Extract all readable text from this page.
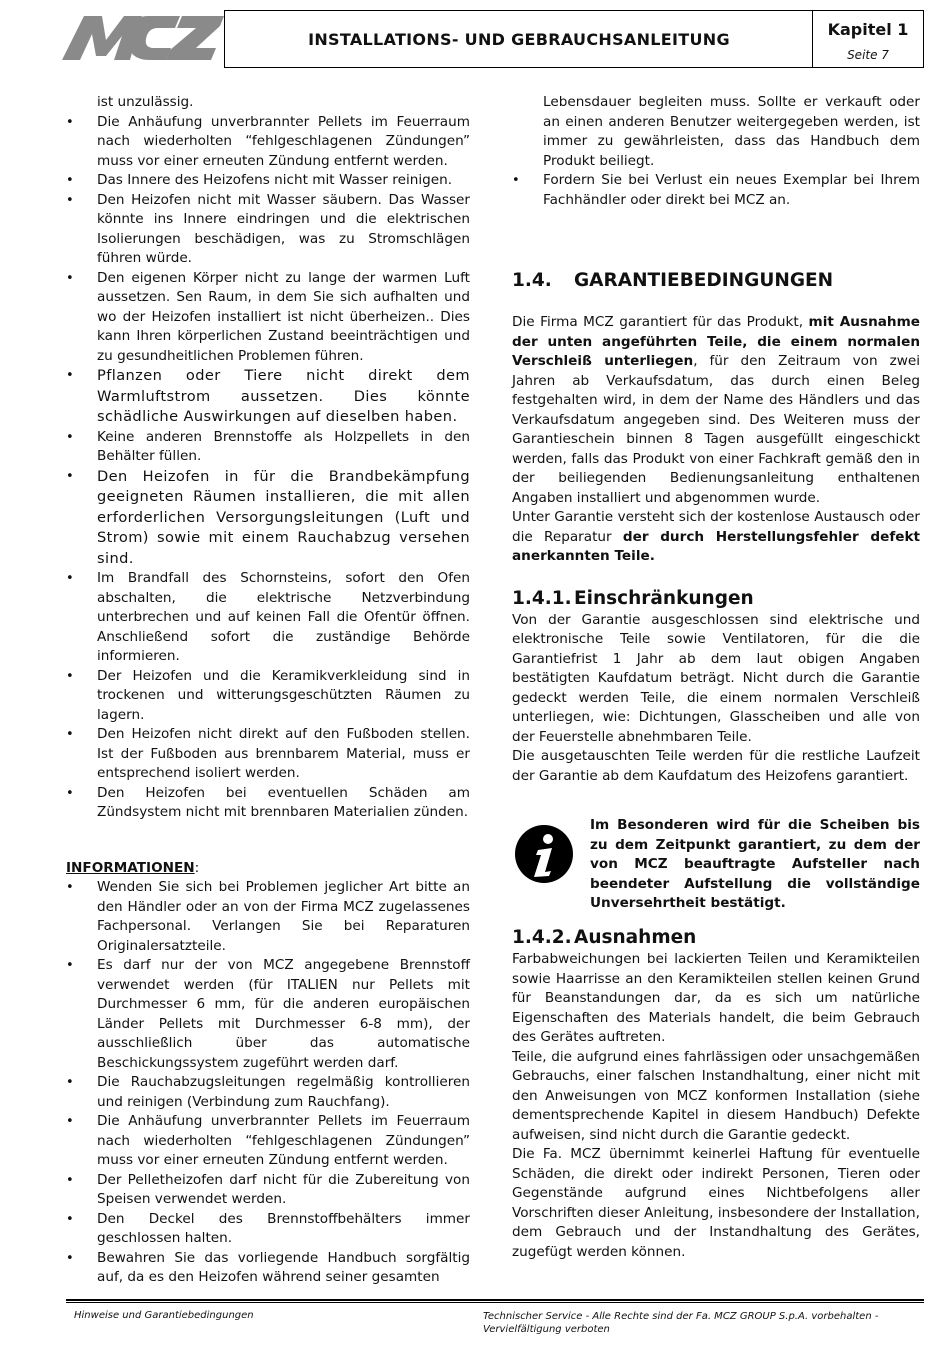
INSTALLATIONS- UND GEBRAUCHSANLEITUNG
Kapitel 1
Seite 7

ist unzulässig.

• Die Anhäufung unverbrannter Pellets im Feuerraum nach wiederholten “fehlgeschlagenen Zündungen” muss vor einer erneuten Zündung entfernt werden.
• Das Innere des Heizofens nicht mit Wasser reinigen.
• Den Heizofen nicht mit Wasser säubern. Das Wasser könnte ins Innere eindringen und die elektrischen Isolierungen beschädigen, was zu Stromschlägen führen würde.
• Den eigenen Körper nicht zu lange der warmen Luft aussetzen. Sen Raum, in dem Sie sich aufhalten und wo der Heizofen installiert ist nicht überheizen.. Dies kann Ihren körperlichen Zustand beeinträchtigen und zu gesundheitlichen Problemen führen.
• Pflanzen oder Tiere nicht direkt dem Warmluftstrom aussetzen. Dies könnte schädliche Auswirkungen auf dieselben haben.
• Keine anderen Brennstoffe als Holzpellets in den Behälter füllen.
• Den Heizofen in für die Brandbekämpfung geeigneten Räumen installieren, die mit allen erforderlichen Versorgungsleitungen (Luft und Strom) sowie mit einem Rauchabzug versehen sind.
• Im Brandfall des Schornsteins, sofort den Ofen abschalten, die elektrische Netzverbindung unterbrechen und auf keinen Fall die Ofentür öffnen. Anschließend sofort die zuständige Behörde informieren.
• Der Heizofen und die Keramikverkleidung sind in trockenen und witterungsgeschützten Räumen zu lagern.
• Den Heizofen nicht direkt auf den Fußboden stellen. Ist der Fußboden aus brennbarem Material, muss er entsprechend isoliert werden.
• Den Heizofen bei eventuellen Schäden am Zündsystem nicht mit brennbaren Materialien zünden.

INFORMATIONEN:

• Wenden Sie sich bei Problemen jeglicher Art bitte an den Händler oder an von der Firma MCZ zugelassenes Fachpersonal. Verlangen Sie bei Reparaturen Originalersatzteile.
• Es darf nur der von MCZ angegebene Brennstoff verwendet werden (für ITALIEN nur Pellets mit Durchmesser 6 mm, für die anderen europäischen Länder Pellets mit Durchmesser 6-8 mm), der ausschließlich über das automatische Beschickungssystem zugeführt werden darf.
• Die Rauchabzugsleitungen regelmäßig kontrollieren und reinigen (Verbindung zum Rauchfang).
• Die Anhäufung unverbrannter Pellets im Feuerraum nach wiederholten “fehlgeschlagenen Zündungen” muss vor einer erneuten Zündung entfernt werden.
• Der Pelletheizofen darf nicht für die Zubereitung von Speisen verwendet werden.
• Den Deckel des Brennstoffbehälters immer geschlossen halten.
• Bewahren Sie das vorliegende Handbuch sorgfältig auf, da es den Heizofen während seiner gesamten

Lebensdauer begleiten muss. Sollte er verkauft oder an einen anderen Benutzer weitergegeben werden, ist immer zu gewährleisten, dass das Handbuch dem Produkt beiliegt.

• Fordern Sie bei Verlust ein neues Exemplar bei Ihrem Fachhändler oder direkt bei MCZ an.
1.4. GARANTIEBEDINGUNGEN

Die Firma MCZ garantiert für das Produkt, mit Ausnahme der unten angeführten Teile, die einem normalen Verschleiß unterliegen, für den Zeitraum von zwei Jahren ab Verkaufsdatum, das durch einen Beleg festgehalten wird, in dem der Name des Händlers und das Verkaufsdatum angegeben sind. Des Weiteren muss der Garantieschein binnen 8 Tagen ausgefüllt eingeschickt werden, falls das Produkt von einer Fachkraft gemäß den in der beiliegenden Bedienungsanleitung enthaltenen Angaben installiert und abgenommen wurde.

Unter Garantie versteht sich der kostenlose Austausch oder die Reparatur der durch Herstellungsfehler defekt anerkannten Teile.

1.4.1. Einschränkungen

Von der Garantie ausgeschlossen sind elektrische und elektronische Teile sowie Ventilatoren, für die die Garantiefrist 1 Jahr ab dem laut obigen Angaben bestätigten Kaufdatum beträgt. Nicht durch die Garantie gedeckt werden Teile, die einem normalen Verschleiß unterliegen, wie: Dichtungen, Glasscheiben und alle von der Feuerstelle abnehmbaren Teile.

Die ausgetauschten Teile werden für die restliche Laufzeit der Garantie ab dem Kaufdatum des Heizofens garantiert.

Im Besonderen wird für die Scheiben bis zu dem Zeitpunkt garantiert, zu dem der von MCZ beauftragte Aufsteller nach beendeter Aufstellung die vollständige Unversehrtheit bestätigt.
1.4.2. Ausnahmen

Farbabweichungen bei lackierten Teilen und Keramikteilen sowie Haarrisse an den Keramikteilen stellen keinen Grund für Beanstandungen dar, da es sich um natürliche Eigenschaften des Materials handelt, die beim Gebrauch des Gerätes auftreten.

Teile, die aufgrund eines fahrlässigen oder unsachgemäßen Gebrauchs, einer falschen Instandhaltung, einer nicht mit den Anweisungen von MCZ konformen Installation (siehe dementsprechende Kapitel in diesem Handbuch) Defekte aufweisen, sind nicht durch die Garantie gedeckt.

Die Fa. MCZ übernimmt keinerlei Haftung für eventuelle Schäden, die direkt oder indirekt Personen, Tieren oder Gegenstände aufgrund eines Nichtbefolgens aller Vorschriften dieser Anleitung, insbesondere der Installation, dem Gebrauch und der Instandhaltung des Gerätes, zugefügt werden können.

Hinweise und Garantiebedingungen	Technischer Service - Alle Rechte sind der Fa. MCZ GROUP S.p.A. vorbehalten - Vervielfältigung verboten
